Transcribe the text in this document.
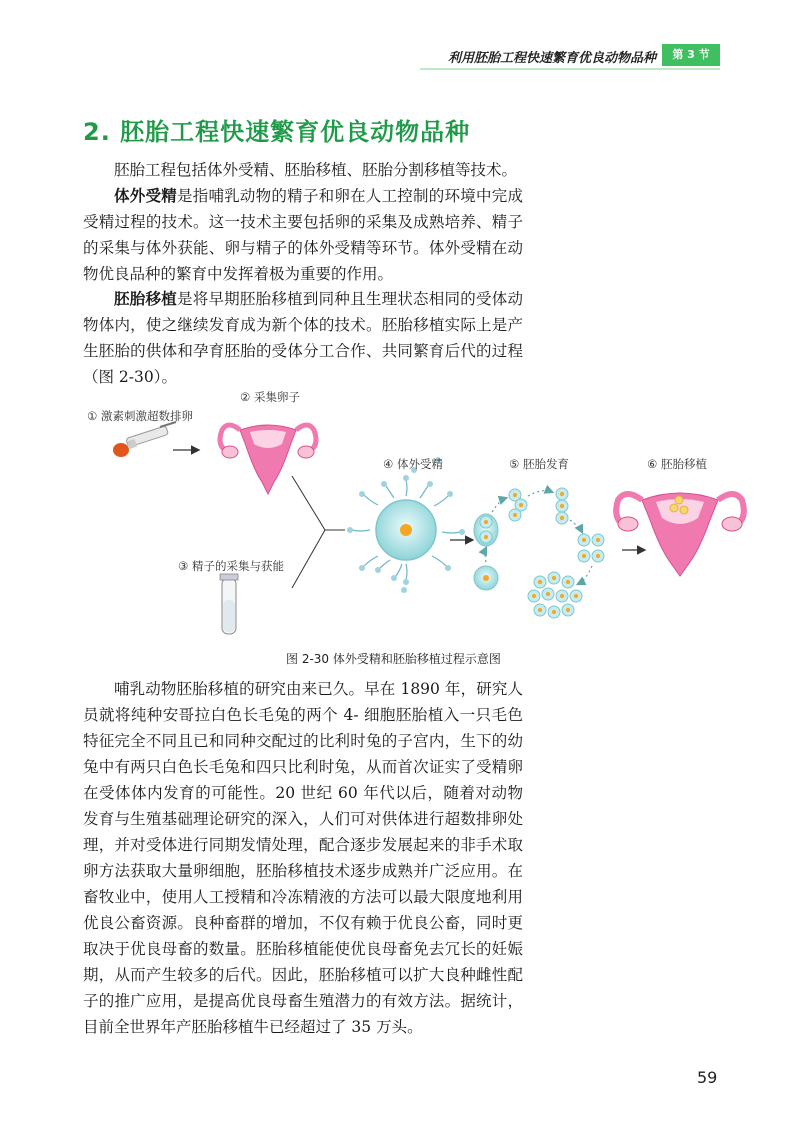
利用胚胎工程快速繁育优良动物品种	第 3 节
2. 胚胎工程快速繁育优良动物品种

胚胎工程包括体外受精、胚胎移植、胚胎分割移植等技术。

体外受精是指哺乳动物的精子和卵在人工控制的环境中完成受精过程的技术。这一技术主要包括卵的采集及成熟培养、精子的采集与体外获能、卵与精子的体外受精等环节。体外受精在动物优良品种的繁育中发挥着极为重要的作用。

胚胎移植是将早期胚胎移植到同种且生理状态相同的受体动物体内，使之继续发育成为新个体的技术。胚胎移植实际上是产生胚胎的供体和孕育胚胎的受体分工合作、共同繁育后代的过程（图 2-30）。

① 激素刺激超数排卵
② 采集卵子
③ 精子的采集与获能
④ 体外受精	⑤ 胚胎发育	⑥ 胚胎移植
图 2-30 体外受精和胚胎移植过程示意图

哺乳动物胚胎移植的研究由来已久。早在 1890 年，研究人员就将纯种安哥拉白色长毛兔的两个 4- 细胞胚胎植入一只毛色特征完全不同且已和同种交配过的比利时兔的子宫内，生下的幼兔中有两只白色长毛兔和四只比利时兔，从而首次证实了受精卵在受体体内发育的可能性。20 世纪 60 年代以后，随着对动物发育与生殖基础理论研究的深入，人们可对供体进行超数排卵处理，并对受体进行同期发情处理，配合逐步发展起来的非手术取卵方法获取大量卵细胞，胚胎移植技术逐步成熟并广泛应用。在畜牧业中，使用人工授精和冷冻精液的方法可以最大限度地利用优良公畜资源。良种畜群的增加，不仅有赖于优良公畜，同时更取决于优良母畜的数量。胚胎移植能使优良母畜免去冗长的妊娠期，从而产生较多的后代。因此，胚胎移植可以扩大良种雌性配子的推广应用，是提高优良母畜生殖潜力的有效方法。据统计，目前全世界年产胚胎移植牛已经超过了 35 万头。

59
